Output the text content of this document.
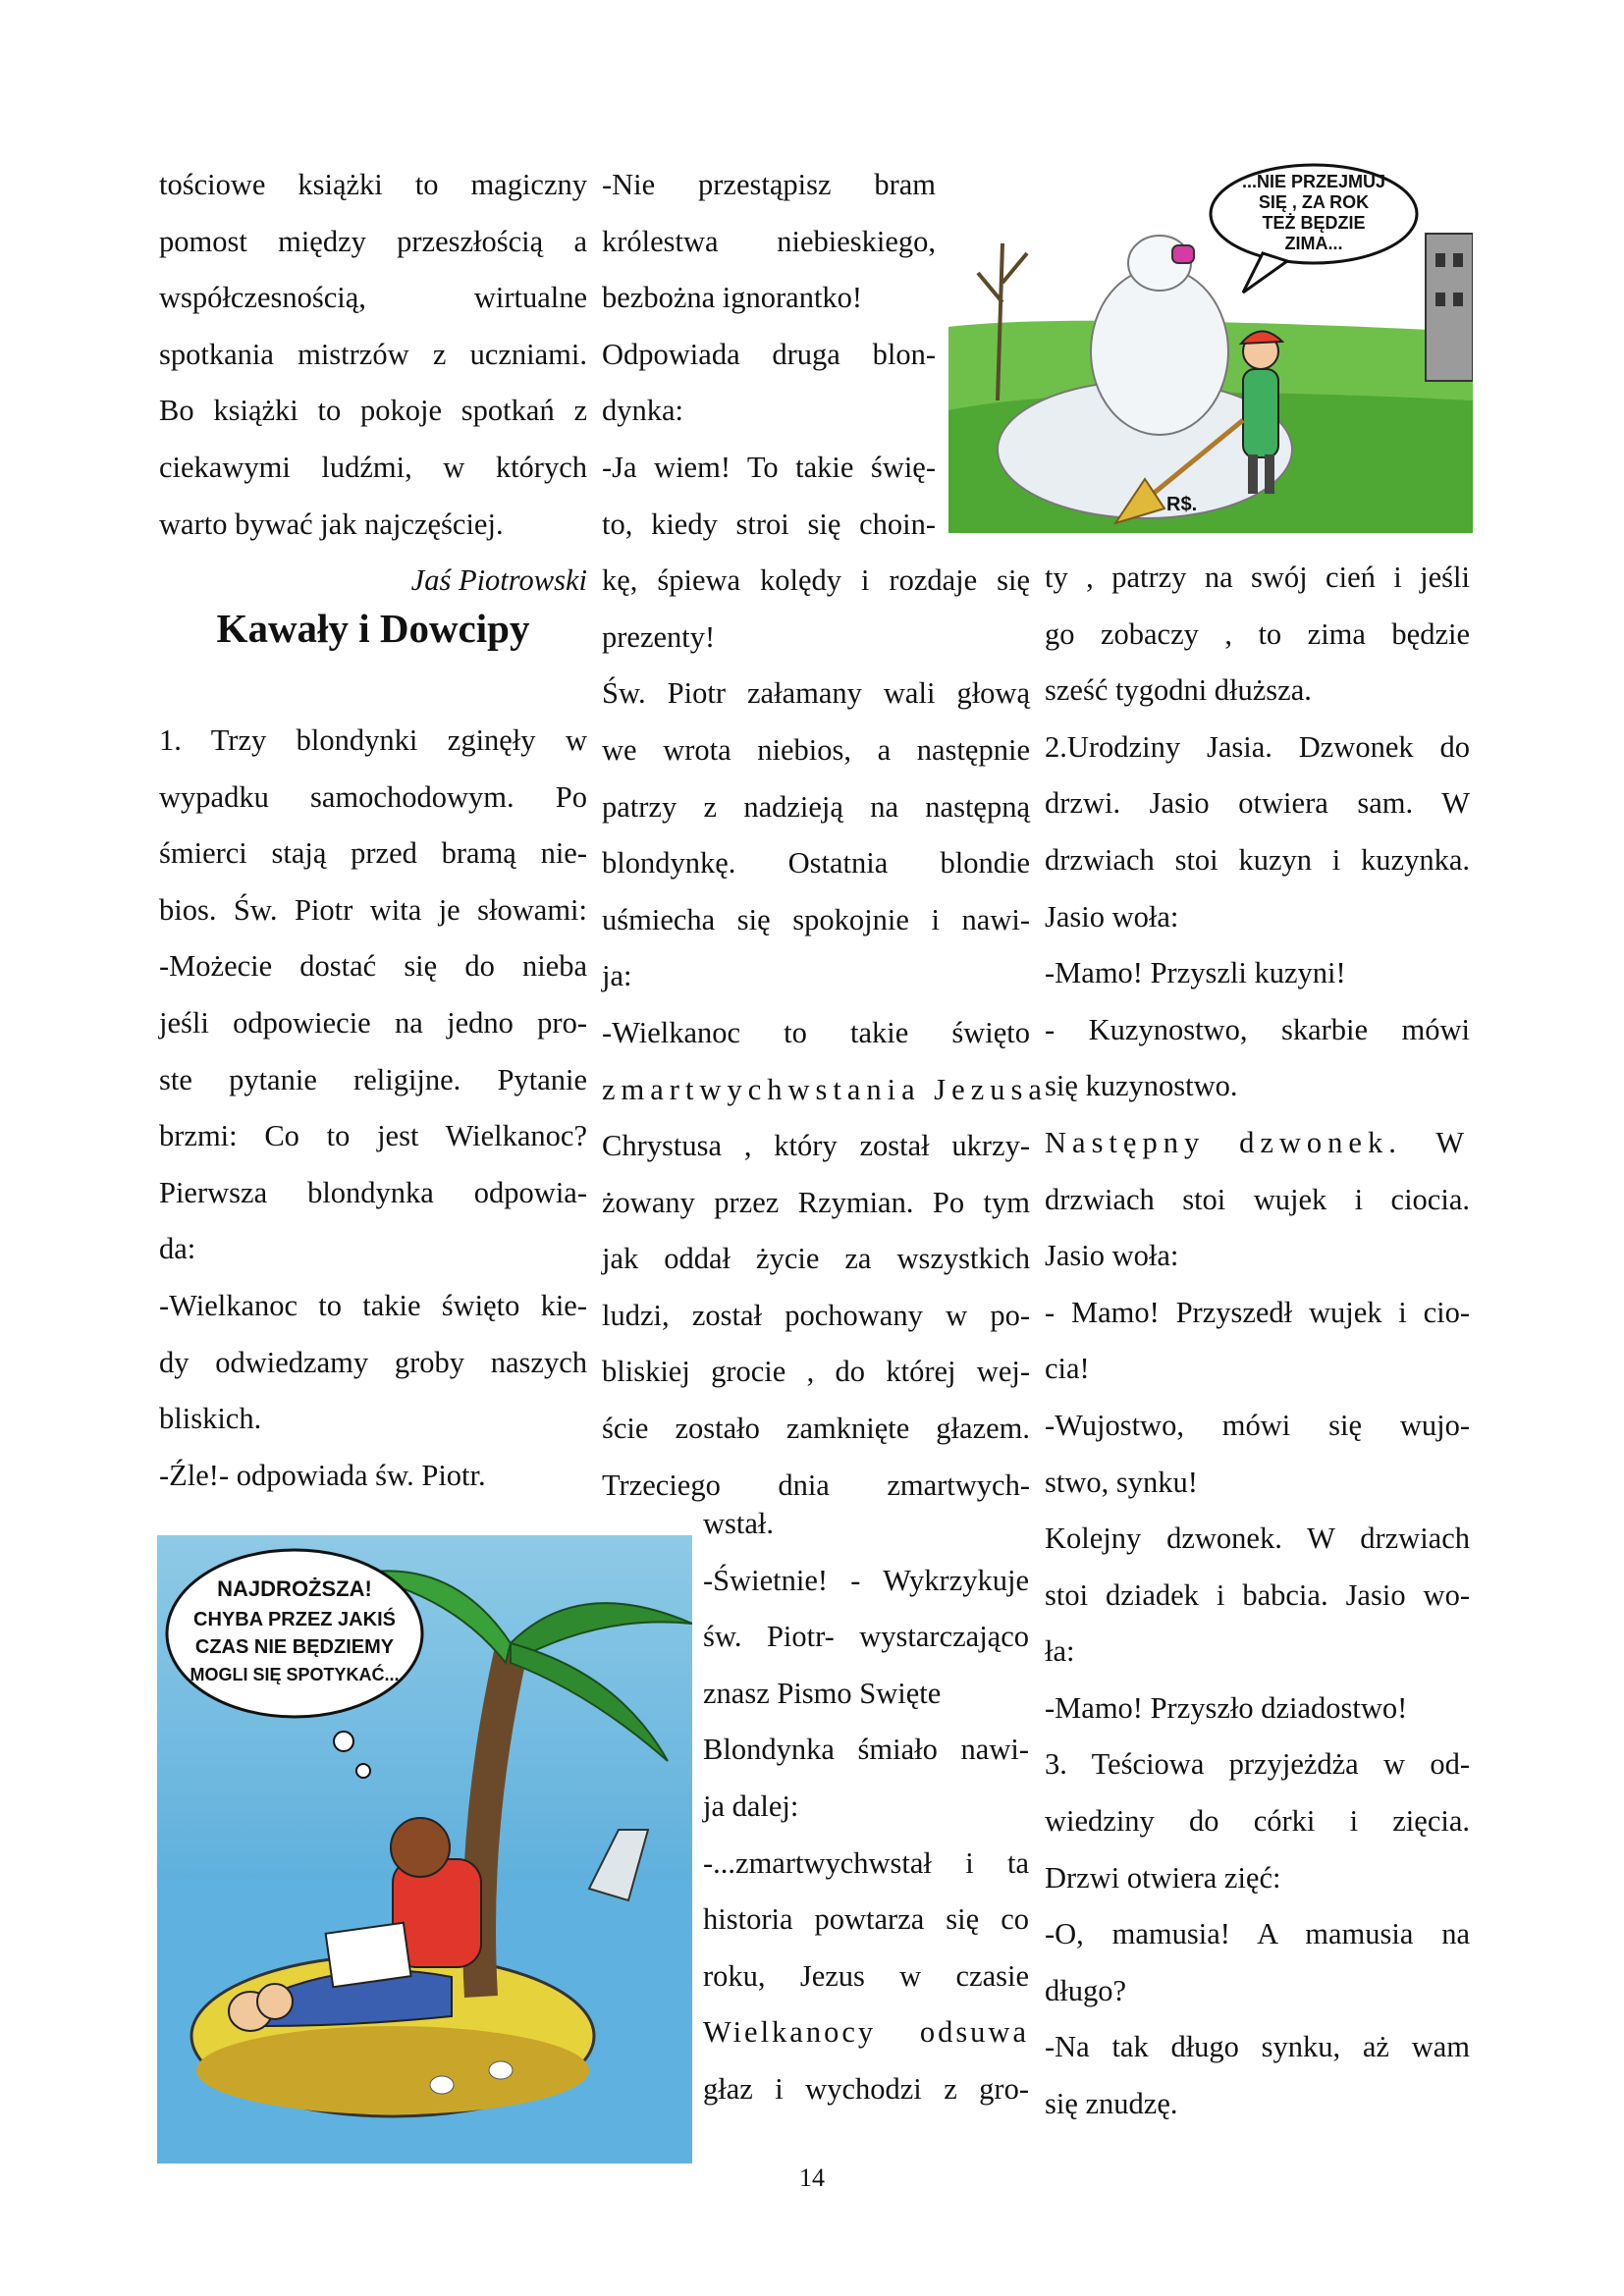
tościowe książki to magiczny
pomost między przeszłością a
współczesnością,          wirtualne
spotkania mistrzów z uczniami.
Bo książki to pokoje spotkań z
ciekawymi ludźmi, w których
warto bywać jak najczęściej.
Jaś Piotrowski
Kawały i Dowcipy
1. Trzy blondynki zginęły w
wypadku samochodowym. Po
śmierci stają przed bramą nie-
bios. Św. Piotr wita je słowami:
-Możecie dostać się do nieba
jeśli odpowiecie na jedno pro-
ste pytanie religijne. Pytanie
brzmi: Co to jest Wielkanoc?
Pierwsza blondynka odpowia-
da:
-Wielkanoc to takie święto kie-
dy odwiedzamy groby naszych
bliskich.
-Źle!- odpowiada św. Piotr.
-Nie przestąpisz bram
królestwa niebieskiego,
bezbożna ignorantko!
Odpowiada druga blon-
dynka:
-Ja wiem! To takie świę-
to, kiedy stroi się choin-
kę, śpiewa kolędy i rozdaje się
prezenty!
Św. Piotr załamany wali głową
we wrota niebios, a następnie
patrzy z nadzieją na następną
blondynkę. Ostatnia blondie
uśmiecha się spokojnie i nawi-
ja:
-Wielkanoc to takie święto
zmartwychwstania Jezusa
Chrystusa , który został ukrzy-
żowany przez Rzymian. Po tym
jak oddał życie za wszystkich
ludzi, został pochowany w po-
bliskiej grocie , do której wej-
ście zostało zamknięte głazem.
Trzeciego dnia zmartwych-
wstał.
-Świetnie! - Wykrzykuje
św. Piotr- wystarczająco
znasz Pismo Swięte
Blondynka śmiało nawi-
ja dalej:
-...zmartwychwstał i ta
historia powtarza się co
roku, Jezus w czasie
Wielkanocy odsuwa
głaz i wychodzi z gro-
ty , patrzy na swój cień i jeśli
go zobaczy , to zima będzie
sześć tygodni dłuższa.
2.Urodziny Jasia. Dzwonek do
drzwi. Jasio otwiera sam. W
drzwiach stoi kuzyn i kuzynka.
Jasio woła:
-Mamo! Przyszli kuzyni!
- Kuzynostwo, skarbie mówi
się kuzynostwo.
Następny dzwonek. W
drzwiach stoi wujek i ciocia.
Jasio woła:
- Mamo! Przyszedł wujek i cio-
cia!
-Wujostwo, mówi się wujo-
stwo, synku!
Kolejny dzwonek. W drzwiach
stoi dziadek i babcia. Jasio wo-
ła:
-Mamo! Przyszło dziadostwo!
3. Teściowa przyjeżdża w od-
wiedziny do córki i zięcia.
Drzwi otwiera zięć:
-O, mamusia! A mamusia na
długo?
-Na tak długo synku, aż wam
się znudzę.
...NIE PRZEJMUJ
SIĘ , ZA ROK
TEŻ BĘDZIE
ZIMA...
R$.
NAJDROŻSZA!
CHYBA PRZEZ JAKIŚ
CZAS NIE BĘDZIEMY
MOGLI SIĘ SPOTYKAĆ...
14
